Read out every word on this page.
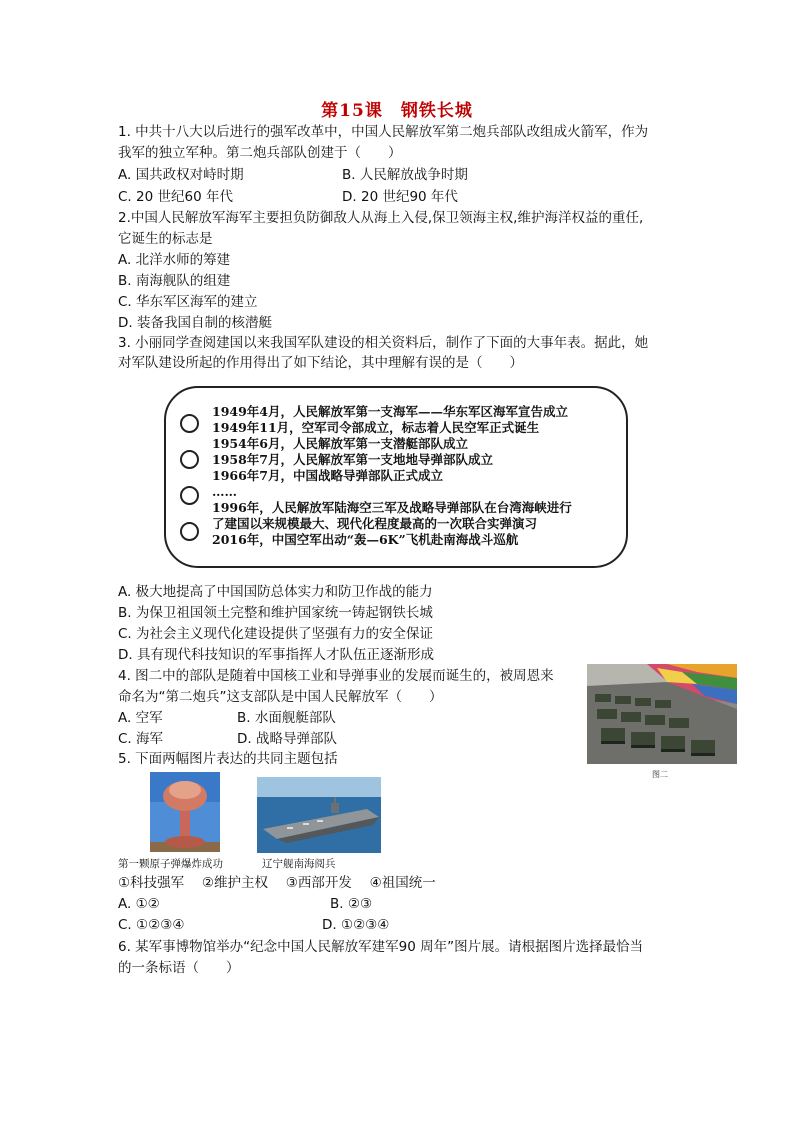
第15课　钢铁长城
1. 中共十八大以后进行的强军改革中，中国人民解放军第二炮兵部队改组成火箭军，作为
我军的独立军种。第二炮兵部队创建于（　　）
A. 国共政权对峙时期	B. 人民解放战争时期
C. 20 世纪60 年代	D. 20 世纪90 年代
2.中国人民解放军海军主要担负防御敌人从海上入侵,保卫领海主权,维护海洋权益的重任,
它诞生的标志是
A. 北洋水师的筹建
B. 南海舰队的组建
C. 华东军区海军的建立
D. 装备我国自制的核潜艇
3. 小丽同学查阅建国以来我国军队建设的相关资料后，制作了下面的大事年表。据此，她
对军队建设所起的作用得出了如下结论，其中理解有误的是（　　）
1949年4月，人民解放军第一支海军——华东军区海军宣告成立
1949年11月，空军司令部成立，标志着人民空军正式诞生
1954年6月，人民解放军第一支潜艇部队成立
1958年7月，人民解放军第一支地地导弹部队成立
1966年7月，中国战略导弹部队正式成立
……
1996年，人民解放军陆海空三军及战略导弹部队在台湾海峡进行
了建国以来规模最大、现代化程度最高的一次联合实弹演习
2016年，中国空军出动“轰—6K”飞机赴南海战斗巡航
A. 极大地提高了中国国防总体实力和防卫作战的能力
B. 为保卫祖国领土完整和维护国家统一铸起钢铁长城
C. 为社会主义现代化建设提供了坚强有力的安全保证
D. 具有现代科技知识的军事指挥人才队伍正逐渐形成
4. 图二中的部队是随着中国核工业和导弹事业的发展而诞生的，被周恩来
命名为“第二炮兵”这支部队是中国人民解放军（　　）
A. 空军	B. 水面舰艇部队
C. 海军	D. 战略导弹部队
图二
5. 下面两幅图片表达的共同主题包括
第一颗原子弹爆炸成功	辽宁舰南海阅兵
①科技强军　 ②维护主权　 ③西部开发　 ④祖国统一
A. ①②	B. ②③
C. ①②③④	D. ①②③④
6. 某军事博物馆举办“纪念中国人民解放军建军90 周年”图片展。请根据图片选择最恰当
的一条标语（　　）
